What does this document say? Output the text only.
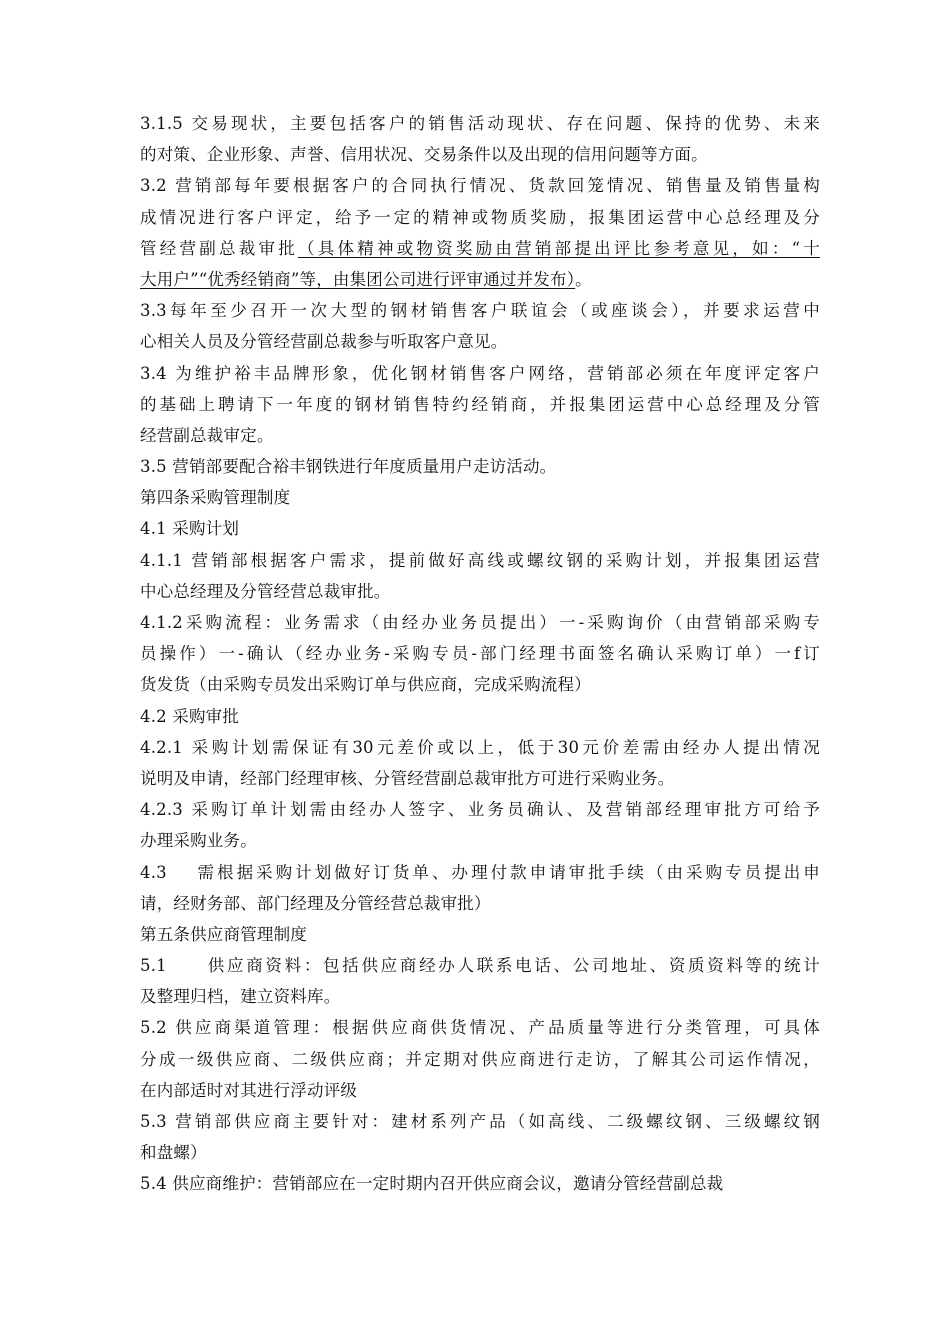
3.1.5 交易现状，主要包括客户的销售活动现状、存在问题、保持的优势、未来
的对策、企业形象、声誉、信用状况、交易条件以及出现的信用问题等方面。
3.2 营销部每年要根据客户的合同执行情况、货款回笼情况、销售量及销售量构
成情况进行客户评定，给予一定的精神或物质奖励，报集团运营中心总经理及分
管经营副总裁审批（具体精神或物资奖励由营销部提出评比参考意见，如：“十
大用户”“优秀经销商”等，由集团公司进行评审通过并发布）。
3.3每年至少召开一次大型的钢材销售客户联谊会（或座谈会），并要求运营中
心相关人员及分管经营副总裁参与听取客户意见。
3.4 为维护裕丰品牌形象，优化钢材销售客户网络，营销部必须在年度评定客户
的基础上聘请下一年度的钢材销售特约经销商，并报集团运营中心总经理及分管
经营副总裁审定。
3.5 营销部要配合裕丰钢铁进行年度质量用户走访活动。
第四条采购管理制度
4.1 采购计划
4.1.1 营销部根据客户需求，提前做好高线或螺纹钢的采购计划，并报集团运营
中心总经理及分管经营总裁审批。
4.1.2采购流程：业务需求（由经办业务员提出）一-采购询价（由营销部采购专
员操作）一-确认（经办业务-采购专员-部门经理书面签名确认采购订单）一f订
货发货（由采购专员发出采购订单与供应商，完成采购流程）
4.2 采购审批
4.2.1 采购计划需保证有30元差价或以上，低于30元价差需由经办人提出情况
说明及申请，经部门经理审核、分管经营副总裁审批方可进行采购业务。
4.2.3 采购订单计划需由经办人签字、业务员确认、及营销部经理审批方可给予
办理采购业务。
4.3　 需根据采购计划做好订货单、办理付款申请审批手续（由采购专员提出申
请，经财务部、部门经理及分管经营总裁审批）
第五条供应商管理制度
5.1　　供应商资料：包括供应商经办人联系电话、公司地址、资质资料等的统计
及整理归档，建立资料库。
5.2 供应商渠道管理：根据供应商供货情况、产品质量等进行分类管理，可具体
分成一级供应商、二级供应商；并定期对供应商进行走访，了解其公司运作情况，
在内部适时对其进行浮动评级
5.3 营销部供应商主要针对：建材系列产品（如高线、二级螺纹钢、三级螺纹钢
和盘螺）
5.4 供应商维护：营销部应在一定时期内召开供应商会议，邀请分管经营副总裁
